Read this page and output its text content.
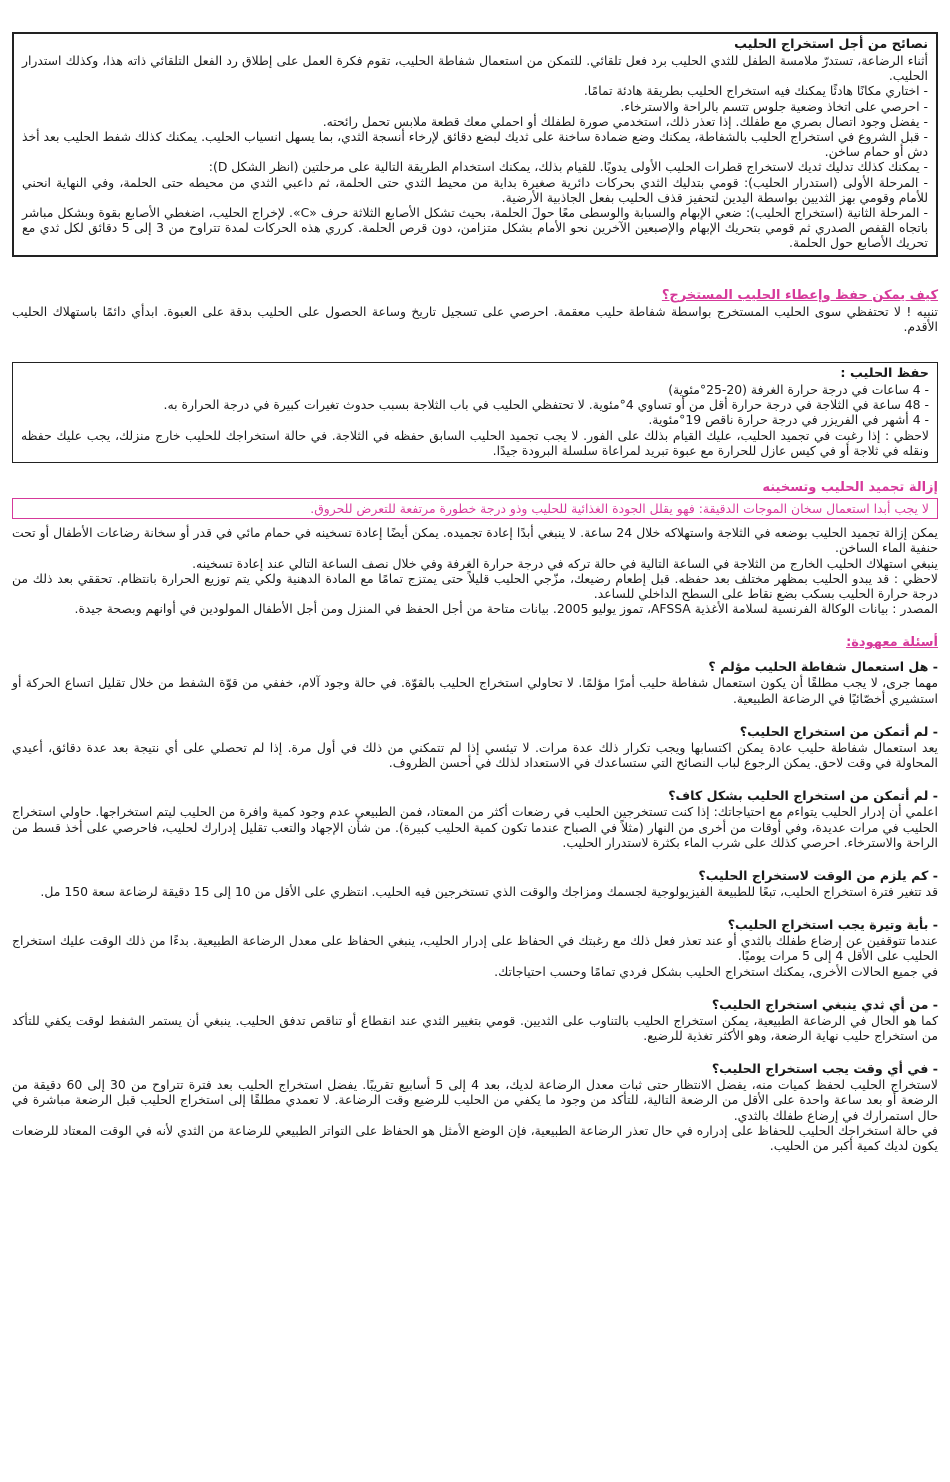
نصائح من أجل استخراج الحليب

أثناء الرضاعة، تستدرّ ملامسة الطفل للثدي الحليب برد فعل تلقائي. للتمكن من استعمال شفاطة الحليب، تقوم فكرة العمل على إطلاق رد الفعل التلقائي ذاته هذا، وكذلك استدرار الحليب.

- اختاري مكانًا هادئًا يمكنك فيه استخراج الحليب بطريقة هادئة تمامًا.

- احرصي على اتخاذ وضعية جلوس تتسم بالراحة والاسترخاء.

- يفضل وجود اتصال بصري مع طفلك. إذا تعذر ذلك، استخدمي صورة لطفلك أو احملي معك قطعة ملابس تحمل رائحته.

- قبل الشروع في استخراج الحليب بالشفاطة، يمكنك وضع ضمادة ساخنة على ثديك لبضع دقائق لإرخاء أنسجة الثدي، بما يسهل انسياب الحليب. يمكنك كذلك شفط الحليب بعد أخذ دش أو حمام ساخن.

- يمكنك كذلك تدليك ثديك لاستخراج قطرات الحليب الأولى يدويًا. للقيام بذلك، يمكنك استخدام الطريقة التالية على مرحلتين (انظر الشكل D):

- المرحلة الأولى (استدرار الحليب): قومي بتدليك الثدي بحركات دائرية صغيرة بداية من محيط الثدي حتى الحلمة، ثم داعبي الثدي من محيطه حتى الحلمة، وفي النهاية انحني للأمام وقومي بهز الثديين بواسطة اليدين لتحفيز قذف الحليب بفعل الجاذبية الأرضية.

- المرحلة الثانية (استخراج الحليب): ضعي الإبهام والسبابة والوسطى معًا حولَ الحلمة، بحيث تشكل الأصابع الثلاثة حرف «C». لإخراج الحليب، اضغطي الأصابع بقوة وبشكل مباشر باتجاه القفص الصدري ثم قومي بتحريك الإبهام والإصبعين الآخرين نحو الأمام بشكل متزامن، دون قرص الحلمة. كرري هذه الحركات لمدة تتراوح من 3 إلى 5 دقائق لكل ثدي مع تحريك الأصابع حول الحلمة.

كيف يمكن حفظ وإعطاء الحليب المستخرج؟

تنبيه ! لا تحتفظي سوى الحليب المستخرج بواسطة شفاطة حليب معقمة. احرصي على تسجيل تاريخ وساعة الحصول على الحليب بدقة على العبوة. ابدأي دائمًا باستهلاك الحليب الأقدم.

حفظ الحليب :

- 4 ساعات في درجة حرارة الغرفة (20-25°مئوية)

- 48 ساعة في الثلاجة في درجة حرارة أقل من أو تساوي 4°مئوية. لا تحتفظي الحليب في باب الثلاجة بسبب حدوث تغيرات كبيرة في درجة الحرارة به.

- 4 أشهر في الفريزر في درجة حرارة ناقص 19°مئوية.

لاحظي : إذا رغبت في تجميد الحليب، عليك القيام بذلك على الفور. لا يجب تجميد الحليب السابق حفظه في الثلاجة. في حالة استخراجك للحليب خارج منزلك، يجب عليك حفظه ونقله في ثلاجة أو في كيس عازل للحرارة مع عبوة تبريد لمراعاة سلسلة البرودة جيدًا.

إزالة تجميد الحليب وتسخينه

لا يجب أبدا استعمال سخان الموجات الدقيقة: فهو يقلل الجودة الغذائية للحليب وذو درجة خطورة مرتفعة للتعرض للحروق.

يمكن إزالة تجميد الحليب بوضعه في الثلاجة واستهلاكه خلال 24 ساعة. لا ينبغي أبدًا إعادة تجميده. يمكن أيضًا إعادة تسخينه في حمام مائي في قدر أو سخانة رضاعات الأطفال أو تحت حنفية الماء الساخن.

ينبغي استهلاك الحليب الخارج من الثلاجة في الساعة التالية في حالة تركه في درجة حرارة الغرفة وفي خلال نصف الساعة التالي عند إعادة تسخينه.

لاحظي : قد يبدو الحليب بمظهر مختلف بعد حفظه. قبل إطعام رضيعك، مزّجي الحليب قليلاً حتى يمتزج تمامًا مع المادة الدهنية ولكي يتم توزيع الحرارة بانتظام. تحققي بعد ذلك من درجة حرارة الحليب بسكب بضع نقاط على السطح الداخلي للساعد.

المصدر : بيانات الوكالة الفرنسية لسلامة الأغذية AFSSA، تموز يوليو 2005. بيانات متاحة من أجل الحفظ في المنزل ومن أجل الأطفال المولودين في أوانهم وبصحة جيدة.

أسئلة معهودة:

- هل استعمال شفاطة الحليب مؤلم ؟

مهما جرى، لا يجب مطلقًا أن يكون استعمال شفاطة حليب أمرًا مؤلمًا. لا تحاولي استخراج الحليب بالقوّة. في حالة وجود آلام، خففي من قوّة الشفط من خلال تقليل اتساع الحركة أو استشيري أخصّائيًا في الرضاعة الطبيعية.

- لم أتمكن من استخراج الحليب؟

يعد استعمال شفاطة حليب عادة يمكن اكتسابها ويجب تكرار ذلك عدة مرات. لا تيئسي إذا لم تتمكني من ذلك في أول مرة. إذا لم تحصلي على أي نتيجة بعد عدة دقائق، أعيدي المحاولة في وقت لاحق. يمكن الرجوع لباب النصائح التي ستساعدك في الاستعداد لذلك في أحسن الظروف.

- لم أتمكن من استخراج الحليب بشكل كاف؟

اعلمي أن إدرار الحليب يتواءم مع احتياجاتك: إذا كنت تستخرجين الحليب في رضعات أكثر من المعتاد، فمن الطبيعي عدم وجود كمية وافرة من الحليب ليتم استخراجها. حاولي استخراج الحليب في مرات عديدة، وفي أوقات من أخرى من النهار (مثلاً في الصباح عندما تكون كمية الحليب كبيرة). من شأن الإجهاد والتعب تقليل إدرارك لحليب، فاحرصي على أخذ قسط من الراحة والاسترخاء. احرصي كذلك على شرب الماء بكثرة لاستدرار الحليب.

- كم يلزم من الوقت لاستخراج الحليب؟

قد تتغير فترة استخراج الحليب، تبعًا للطبيعة الفيزيولوجية لجسمك ومزاجك والوقت الذي تستخرجين فيه الحليب. انتظري على الأقل من 10 إلى 15 دقيقة لرضاعة سعة 150 مل.

- بأية وتيرة يجب استخراج الحليب؟

عندما تتوقفين عن إرضاع طفلك بالثدي أو عند تعذر فعل ذلك مع رغبتك في الحفاظ على إدرار الحليب، ينبغي الحفاظ على معدل الرضاعة الطبيعية. بدءًا من ذلك الوقت عليك استخراج الحليب على الأقل 4 إلى 5 مرات يوميًا.
في جميع الحالات الأخرى، يمكنك استخراج الحليب بشكل فردي تمامًا وحسب احتياجاتك.

- من أي ثدي ينبغي استخراج الحليب؟

كما هو الحال في الرضاعة الطبيعية، يمكن استخراج الحليب بالتناوب على الثديين. قومي بتغيير الثدي عند انقطاع أو تناقص تدفق الحليب. ينبغي أن يستمر الشفط لوقت يكفي للتأكد من استخراج حليب نهاية الرضعة، وهو الأكثر تغذية للرضيع.

- في أي وقت يجب استخراج الحليب؟

لاستخراج الحليب لحفظ كميات منه، يفضل الانتظار حتى ثبات معدل الرضاعة لديك، بعد 4 إلى 5 أسابيع تقريبًا. يفضل استخراج الحليب بعد فترة تتراوح من 30 إلى 60 دقيقة من الرضعة أو بعد ساعة واحدة على الأقل من الرضعة التالية، للتأكد من وجود ما يكفي من الحليب للرضيع وقت الرضاعة. لا تعمدي مطلقًا إلى استخراج الحليب قبل الرضعة مباشرة في حال استمرارك في إرضاع طفلك بالثدي.
في حالة استخراجك الحليب للحفاظ على إدراره في حال تعذر الرضاعة الطبيعية، فإن الوضع الأمثل هو الحفاظ على التواتر الطبيعي للرضاعة من الثدي لأنه في الوقت المعتاد للرضعات يكون لديك كمية أكبر من الحليب.
